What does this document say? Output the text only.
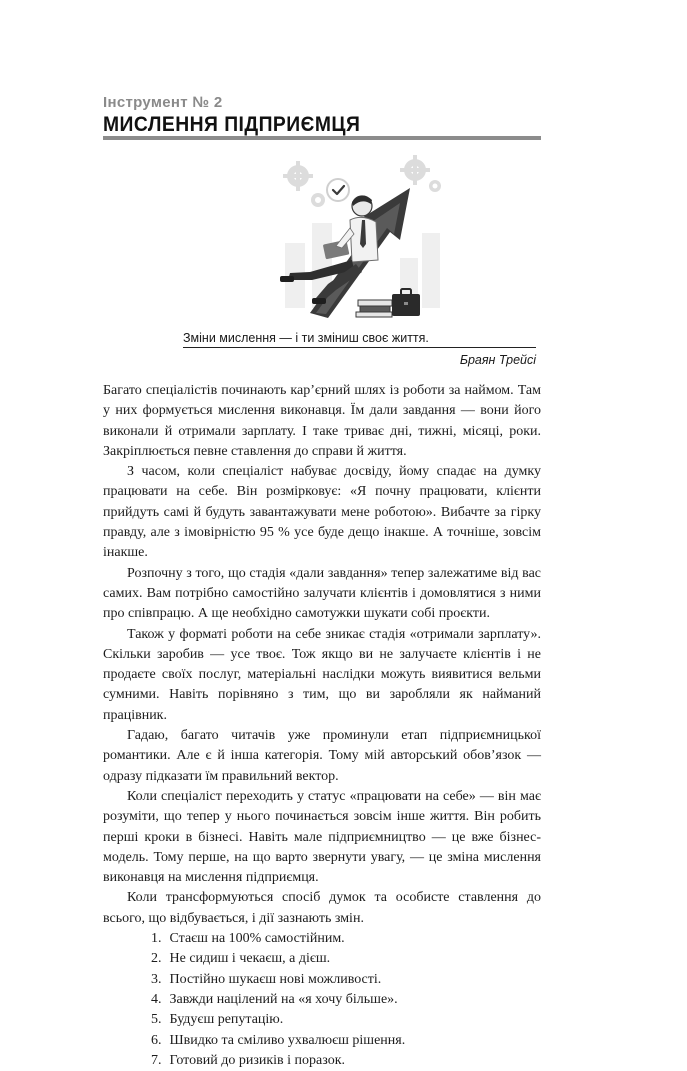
Інструмент № 2
МИСЛЕННЯ ПІДПРИЄМЦЯ
Зміни мислення — і ти зміниш своє життя.
Браян Трейсі

Багато спеціалістів починають кар’єрний шлях із роботи за наймом. Там у них формується мислення виконавця. Їм дали завдання — вони його виконали й отримали зарплату. І таке триває дні, тижні, місяці, роки. Закріплюється певне ставлення до справи й життя.

З часом, коли спеціаліст набуває досвіду, йому спадає на думку працювати на себе. Він розмірковує: «Я почну працювати, клієнти прийдуть самі й будуть завантажувати мене роботою». Вибачте за гірку правду, але з імовірністю 95 % усе буде дещо інакше. А точніше, зовсім інакше.

Розпочну з того, що стадія «дали завдання» тепер залежатиме від вас самих. Вам потрібно самостійно залучати клієнтів і домовлятися з ними про співпрацю. А ще необхідно самотужки шукати собі проєкти.

Також у форматі роботи на себе зникає стадія «отримали зарплату». Скільки заробив — усе твоє. Тож якщо ви не залучаєте клієнтів і не продаєте своїх послуг, матеріальні наслідки можуть виявитися вельми сумними. Навіть порівняно з тим, що ви заробляли як найманий працівник.

Гадаю, багато читачів уже проминули етап підприємницької романтики. Але є й інша категорія. Тому мій авторський обов’язок — одразу підказати їм правильний вектор.

Коли спеціаліст переходить у статус «працювати на себе» — він має розуміти, що тепер у нього починається зовсім інше життя. Він робить перші кроки в бізнесі. Навіть мале підприємництво — це вже бізнес-модель. Тому перше, на що варто звернути увагу, — це зміна мислення виконавця на мислення підприємця.

Коли трансформуються спосіб думок та особисте ставлення до всього, що відбувається, і дії зазнають змін.

1. Стаєш на 100% самостійним.
2. Не сидиш і чекаєш, а дієш.
3. Постійно шукаєш нові можливості.
4. Завжди націлений на «я хочу більше».
5. Будуєш репутацію.
6. Швидко та сміливо ухвалюєш рішення.
7. Готовий до ризиків і поразок.
